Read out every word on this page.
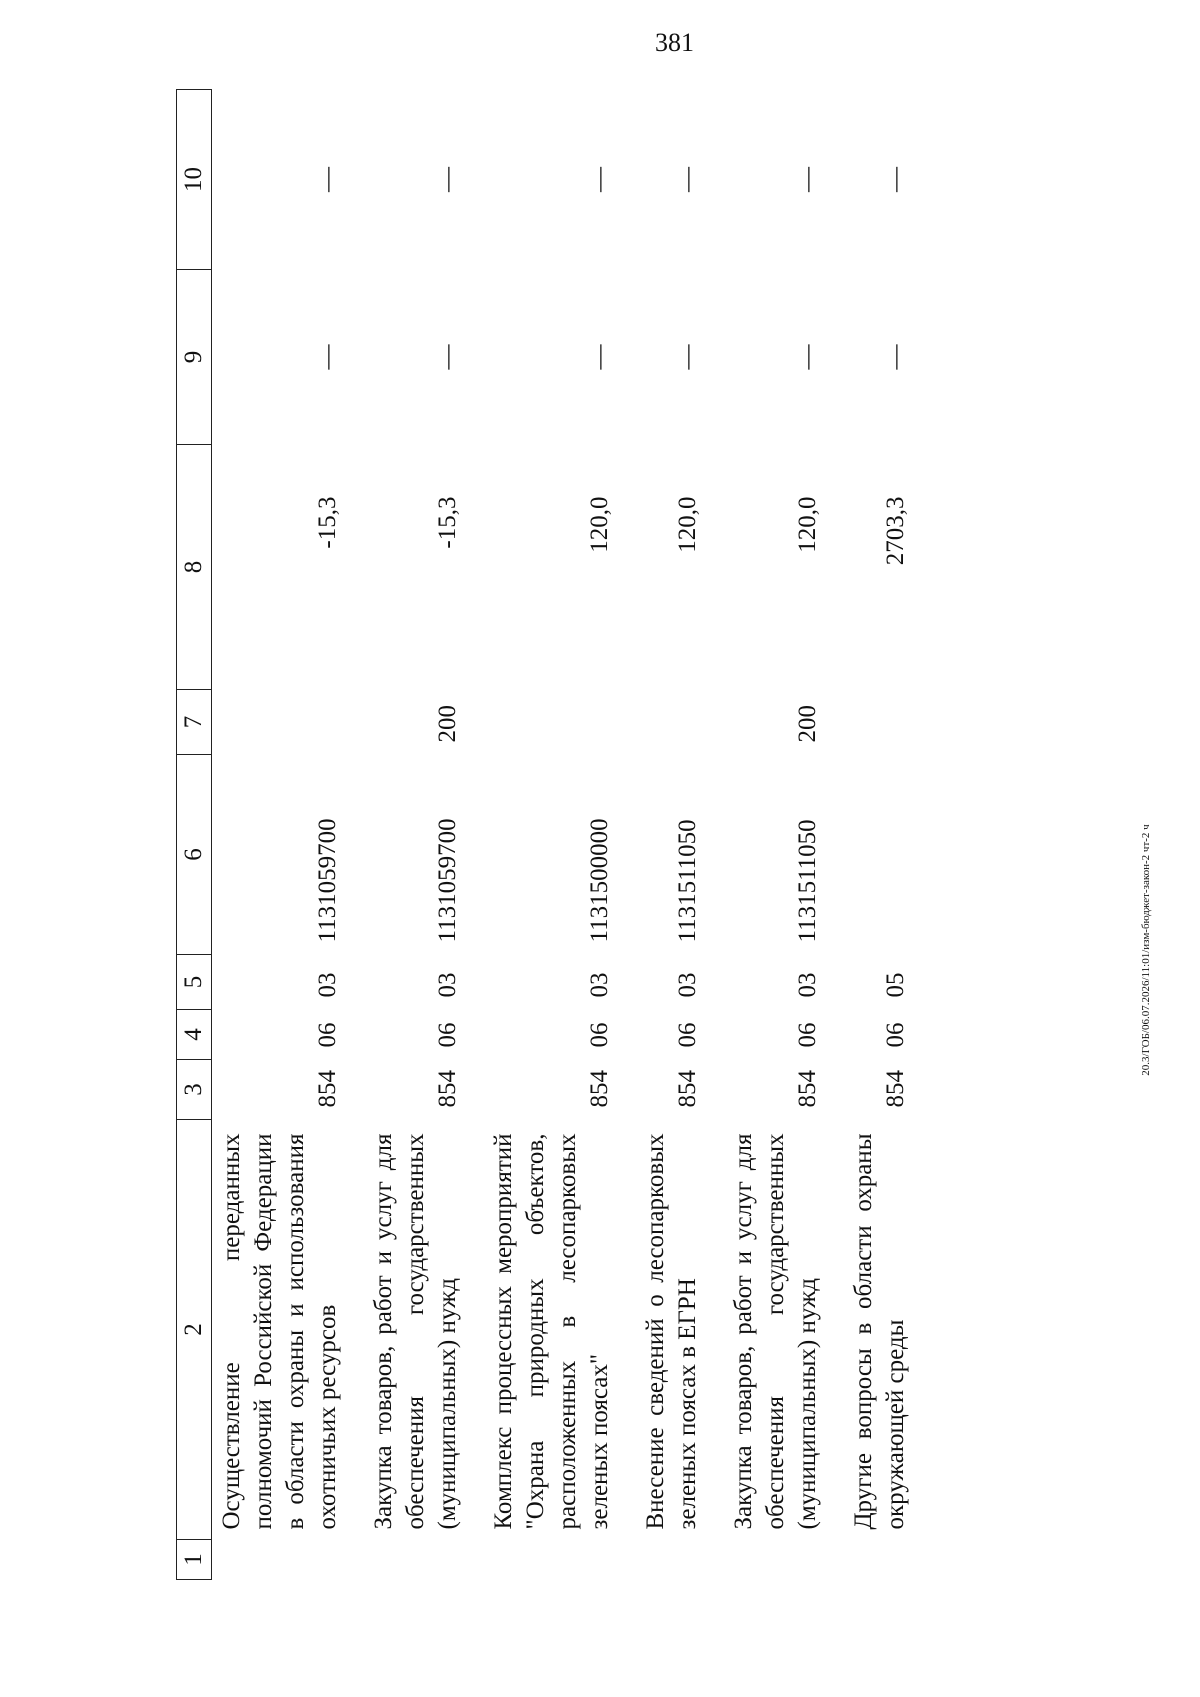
381
1	2	3	4	5	6	7	8	9	10
	Осуществление переданных полномочий Российской Федерации в области охраны и использования охотничьих ресурсов	854	06	03	1131059700		-15,3	—	—
	Закупка товаров, работ и услуг для обеспечения государственных (муниципальных) нужд	854	06	03	1131059700	200	-15,3	—	—
	Комплекс процессных мероприятий "Охрана природных объектов, расположенных в лесопарковых зеленых поясах"	854	06	03	1131500000		120,0	—	—
	Внесение сведений о лесопарковых зеленых поясах в ЕГРН	854	06	03	1131511050		120,0	—	—
	Закупка товаров, работ и услуг для обеспечения государственных (муниципальных) нужд	854	06	03	1131511050	200	120,0	—	—
	Другие вопросы в области охраны окружающей среды	854	06	05			2703,3	—	—
20.3/ГОБ/06.07.2026/11:01/изм-бюджет-закон-2 чт-2 ч
